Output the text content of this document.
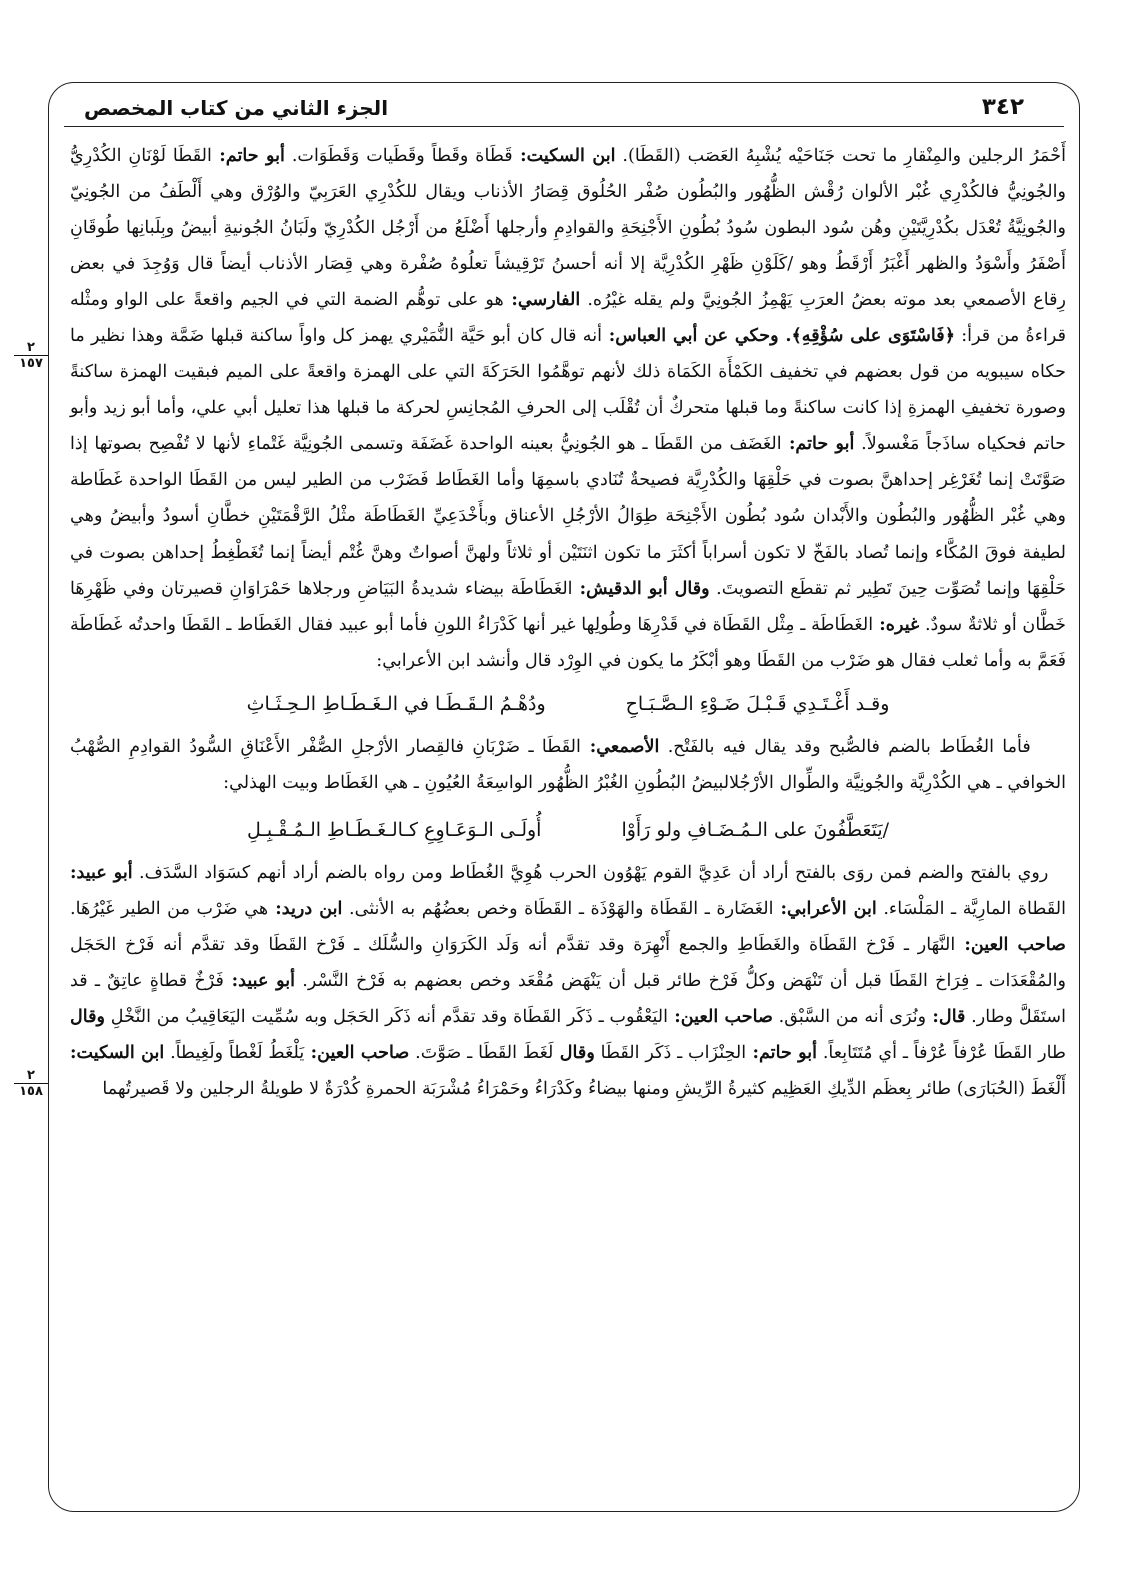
٣٤٢
الجزء الثاني من كتاب المخصص
٢
١٥٧
٢
١٥٨

أَحْمَرُ الرجلين والمِنْقارِ ما تحت جَنَاحَيْه يُشْبِهُ العَصَب (القَطَا). ابن السكيت: قَطَاة وقَطاً وقَطَيات وَقَطَوَات. أبو حاتم: القَطَا لَوْنَانِ الكُدْرِيُّ والجُونِيُّ فالكُدْرِي غُبْر الألوان رُقْش الظُّهُور والبُطُون صُفْر الحُلُوق قِصَارُ الأذناب ويقال للكُدْرِي العَرَبِيّ والوُرْق وهي أَلْطَفُ من الجُونِيّ والجُونِيَّةُ تُعْدَل بكُدْرِيَّتَيْنِ وهُن سُود البطون سُودُ بُطُونِ الأَجْنِحَةِ والقوادِمِ وأرجلها أَضْلَعُ من أَرْجُل الكُدْرِيّ ولَبَانُ الجُونيةِ أبيضُ وبِلَبانِها طُوقَانِ أَصْفَرُ وأَسْوَدُ والظهر أَغْبَرُ أَرْقَطُ وهو /كَلَوْنِ ظَهْرِ الكُدْرِيَّة إلا أنه أحسنُ تَرْقِيشاً تعلُوهُ صُفْرة وهي قِصَار الأذناب أيضاً قال وَوُجِدَ في بعض رِقاع الأصمعي بعد موته بعضُ العرَبِ يَهْمِزُ الجُونِيَّ ولم يقله غيْرُه. الفارسي: هو على توهُّم الضمة التي في الجيم واقعةً على الواو ومثْله قراءةُ من قرأ: ﴿فَاسْتَوَى على سُؤْقِهِ﴾. وحكي عن أبي العباس: أنه قال كان أبو حَيَّة النُّمَيْري يهمز كل واواً ساكنة قبلها ضَمَّة وهذا نظير ما حكاه سيبويه من قول بعضهم في تخفيف الكَمْأَة الكَمَاة ذلك لأنهم توهَّمُوا الحَرَكَةَ التي على الهمزة واقعةً على الميم فبقيت الهمزة ساكنةً وصورة تخفيفِ الهمزةِ إذا كانت ساكنةً وما قبلها متحركٌ أن تُقْلَب إلى الحرفِ المُجانِسِ لحركة ما قبلها هذا تعليل أبي علي، وأما أبو زيد وأبو حاتم فحكياه ساذَجاً مَغْسولاً. أبو حاتم: الغَضَف من القَطَا ـ هو الجُونِيُّ بعينه الواحدة غَضَفَة وتسمى الجُونِيَّة غَتْماءِ لأنها لا تُفْصِح بصوتها إذا صَوَّتَتْ إنما تُغَرْغِر إحداهنَّ بصوت في حَلْقِهَا والكُدْرِيَّة فصيحةٌ تُنَادي باسمِهَا وأما الغَطَاط فَضَرْب من الطير ليس من القَطَا الواحدة غَطَاطة وهي غُبْر الظُّهُور والبُطُون والأَبْدان سُود بُطُون الأَجْنِحَة طِوَالُ الأرْجُلِ الأعناق وبأَخْدَعِيِّ الغَطَاطَة مثْلُ الرَّقْمَتَيْنِ خطَّانِ أسودُ وأبيضُ وهي لطيفة فوقَ المُكَّاء وإنما تُصاد بالفَخّ لا تكون أسراباً أكثَرَ ما تكون اثنَتَيْن أو ثلاثاً ولهنَّ أصواتٌ وهنَّ غُتْم أيضاً إنما تُغَطْغِطُ إحداهن بصوت في حَلْقِهَا وإنما تُصَوِّت حِينَ تَطِير ثم تقطَع التصويتَ. وقال أبو الدقيش: الغَطَاطَة بيضاء شديدةُ البَيَاضِ ورجلاها حَمْرَاوَانِ قصيرتان وفي ظَهْرِهَا خَطَّان أو ثلاثةٌ سودٌ. غيره: الغَطَاطَة ـ مِثْل القَطَاة في قَدْرِهَا وطُولِها غير أنها كَدْرَاءُ اللونِ فأما أبو عبيد فقال الغَطَاط ـ القَطَا واحدتُه غَطَاطَة فَعَمَّ به وأما ثعلب فقال هو ضَرْب من القَطَا وهو أبْكَرُ ما يكون في الوِرْد قال وأنشد ابن الأعرابي:

وقـد أَغْـتَـدِي قَـبْـلَ ضَـوْءِ الـصَّـبَـاحِ
ودُهْـمُ الـقَـطَـا في الـغَـطَـاطِ الـحِـثَـاثِ

فأما الغُطَاط بالضم فالصُّبح وقد يقال فيه بالفَتْح. الأصمعي: القَطَا ـ ضَرْبَانِ فالقِصار الأرْجلِ الصُّفْر الأَعْنَاقِ السُّودُ القوادِمِ الصُّهْبُ الخوافي ـ هي الكُدْرِيَّة والجُونِيَّة والطِّوال الأرْجُلالبيضُ البُطُونِ الغُبْرُ الظُّهُور الواسِعَةُ العُيُونِ ـ هي الغَطَاط وبيت الهذلي:

/يَتَعَطَّفُونَ على الـمُـضَـافِ ولو رَأَوْا
أُولَـى الـوَعَـاوِعِ كـالـغَـطَـاطِ الـمُـقْـبِـلِ

روي بالفتح والضم فمن روَى بالفتح أراد أن عَدِيَّ القوم يَهْوُون الحرب هُوِيَّ الغُطَاط ومن رواه بالضم أراد أنهم كسَوَاد السَّدَف. أبو عبيد: القَطاة المارِيَّة ـ المَلْسَاء. ابن الأعرابي: الغَضَارة ـ القَطَاة والهَوْذَة ـ القَطَاة وخص بعضُهُم به الأنثى. ابن دريد: هي ضَرْب من الطير غَيْرُهَا. صاحب العين: النَّهَار ـ فَرْخ القَطَاة والغَطَاطِ والجمع أَنْهِرَة وقد تقدَّم أنه وَلَد الكَرَوَانِ والسُّلَك ـ فَرْخ القَطَا وقد تقدَّم أنه فَرْخ الحَجَل والمُقْعَدَات ـ فِرَاخ القَطَا قبل أن تَنْهَض وكلُّ فَرْخ طائر قبل أن يَنْهَض مُقْعَد وخص بعضهم به فَرْخ النَّسْر. أبو عبيد: فَرْخٌ قطاةٍ عاتِقٌ ـ قد استَقَلَّ وطار. قال: ونُرَى أنه من السَّبْق. صاحب العين: اليَعْقُوب ـ ذَكَر القَطَاة وقد تقدَّم أنه ذَكَر الحَجَل وبه سُمِّيت اليَعَاقِيبُ من النَّخْلِ وقال طار القَطَا عُرْفاً عُرْفاً ـ أي مُتَتَابِعاً. أبو حاتم: الحِنْزَاب ـ ذَكَر القَطَا وقال لَغَطَ القَطَا ـ صَوَّتَ. صاحب العين: يَلْغَطُ لَغْطاً ولَغِيطاً. ابن السكيت: أَلْغَطَ (الحُبَارَى) طائر بِعظَم الدِّيكِ العَظِيم كثيرةُ الرِّيشِ ومنها بيضاءُ وكَدْرَاءُ وحَمْرَاءُ مُشْرَبَة الحمرةِ كُدْرَةٌ لا طويلةُ الرجلين ولا قَصيرتُهما
